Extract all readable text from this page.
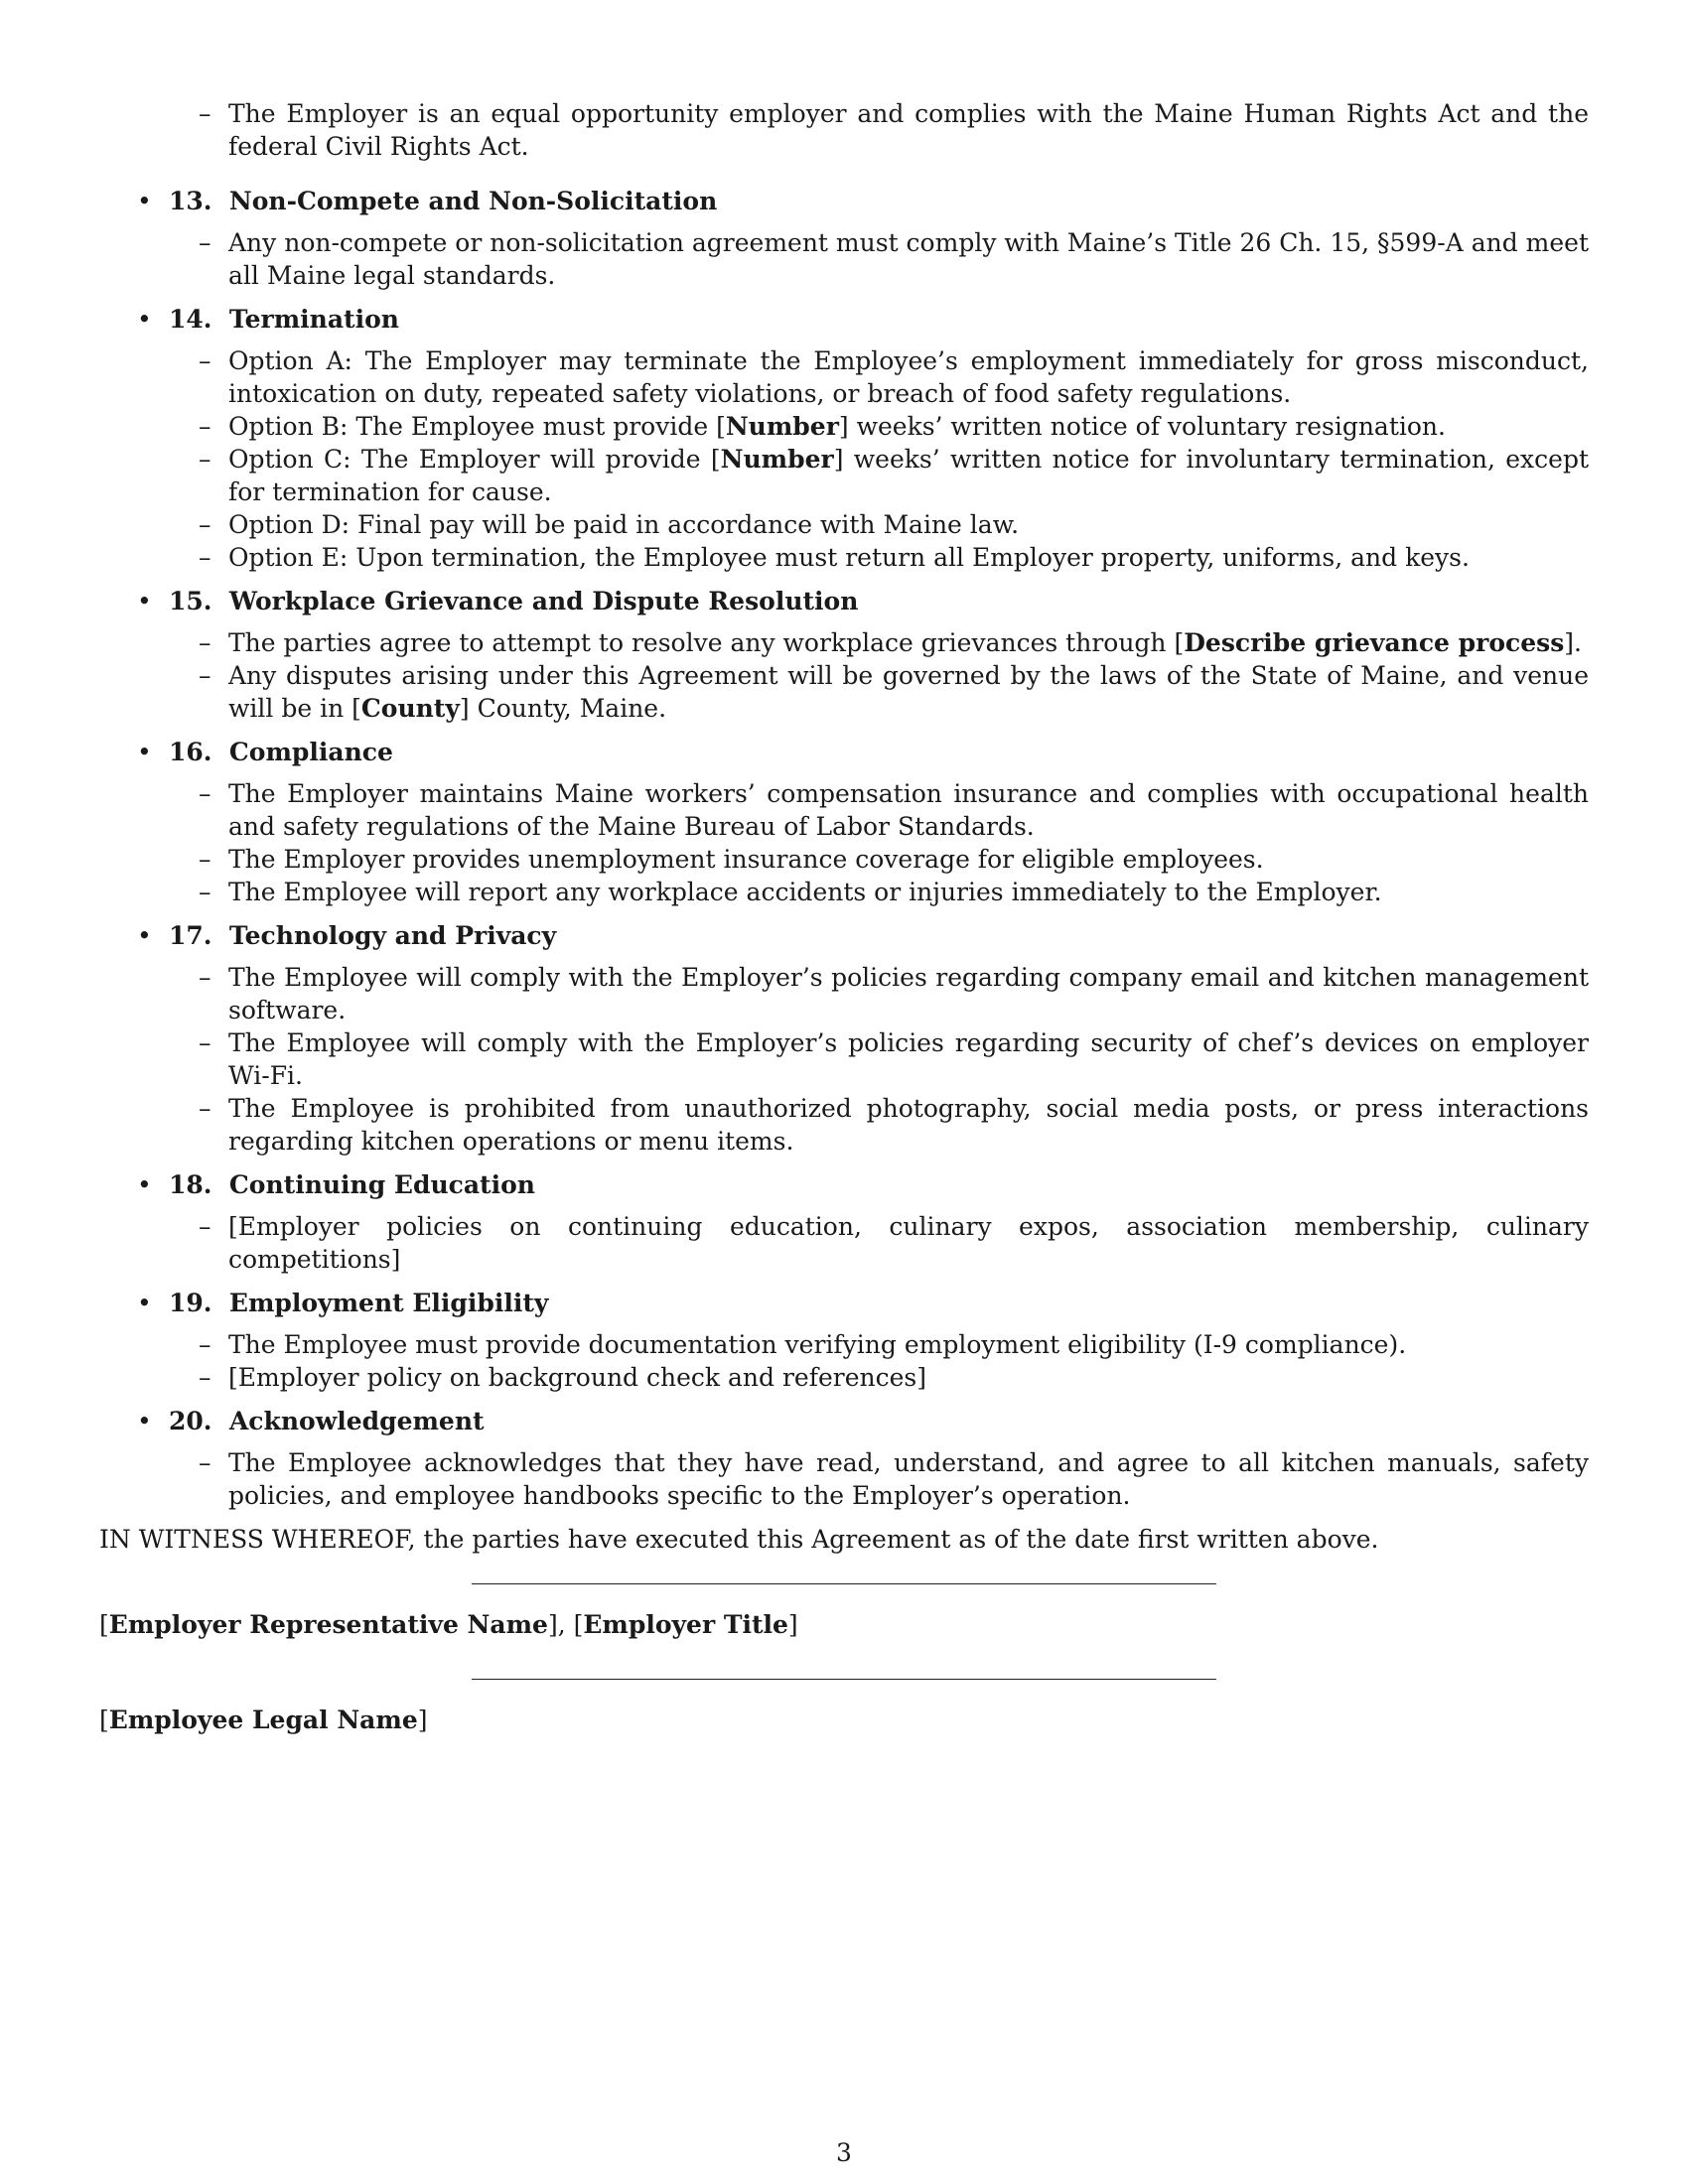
– The Employer is an equal opportunity employer and complies with the Maine Human Rights Act and the federal Civil Rights Act.
• 13.  Non-Compete and Non-Solicitation
– Any non-compete or non-solicitation agreement must comply with Maine’s Title 26 Ch. 15, §599-A and meet all Maine legal standards.
• 14.  Termination
– Option A: The Employer may terminate the Employee’s employment immediately for gross misconduct, intoxication on duty, repeated safety violations, or breach of food safety regulations.
– Option B: The Employee must provide [Number] weeks’ written notice of voluntary resignation.
– Option C: The Employer will provide [Number] weeks’ written notice for involuntary termination, except for termination for cause.
– Option D: Final pay will be paid in accordance with Maine law.
– Option E: Upon termination, the Employee must return all Employer property, uniforms, and keys.
• 15.  Workplace Grievance and Dispute Resolution
– The parties agree to attempt to resolve any workplace grievances through [Describe grievance process].
– Any disputes arising under this Agreement will be governed by the laws of the State of Maine, and venue will be in [County] County, Maine.
• 16.  Compliance
– The Employer maintains Maine workers’ compensation insurance and complies with occupational health and safety regulations of the Maine Bureau of Labor Standards.
– The Employer provides unemployment insurance coverage for eligible employees.
– The Employee will report any workplace accidents or injuries immediately to the Employer.
• 17.  Technology and Privacy
– The Employee will comply with the Employer’s policies regarding company email and kitchen management software.
– The Employee will comply with the Employer’s policies regarding security of chef’s devices on employer Wi-Fi.
– The Employee is prohibited from unauthorized photography, social media posts, or press interactions regarding kitchen operations or menu items.
• 18.  Continuing Education
– [Employer policies on continuing education, culinary expos, association membership, culinary competitions]
• 19.  Employment Eligibility
– The Employee must provide documentation verifying employment eligibility (I-9 compliance).
– [Employer policy on background check and references]
• 20.  Acknowledgement
– The Employee acknowledges that they have read, understand, and agree to all kitchen manuals, safety policies, and employee handbooks specific to the Employer’s operation.
IN WITNESS WHEREOF, the parties have executed this Agreement as of the date first written above.
[Employer Representative Name], [Employer Title]
[Employee Legal Name]
3
